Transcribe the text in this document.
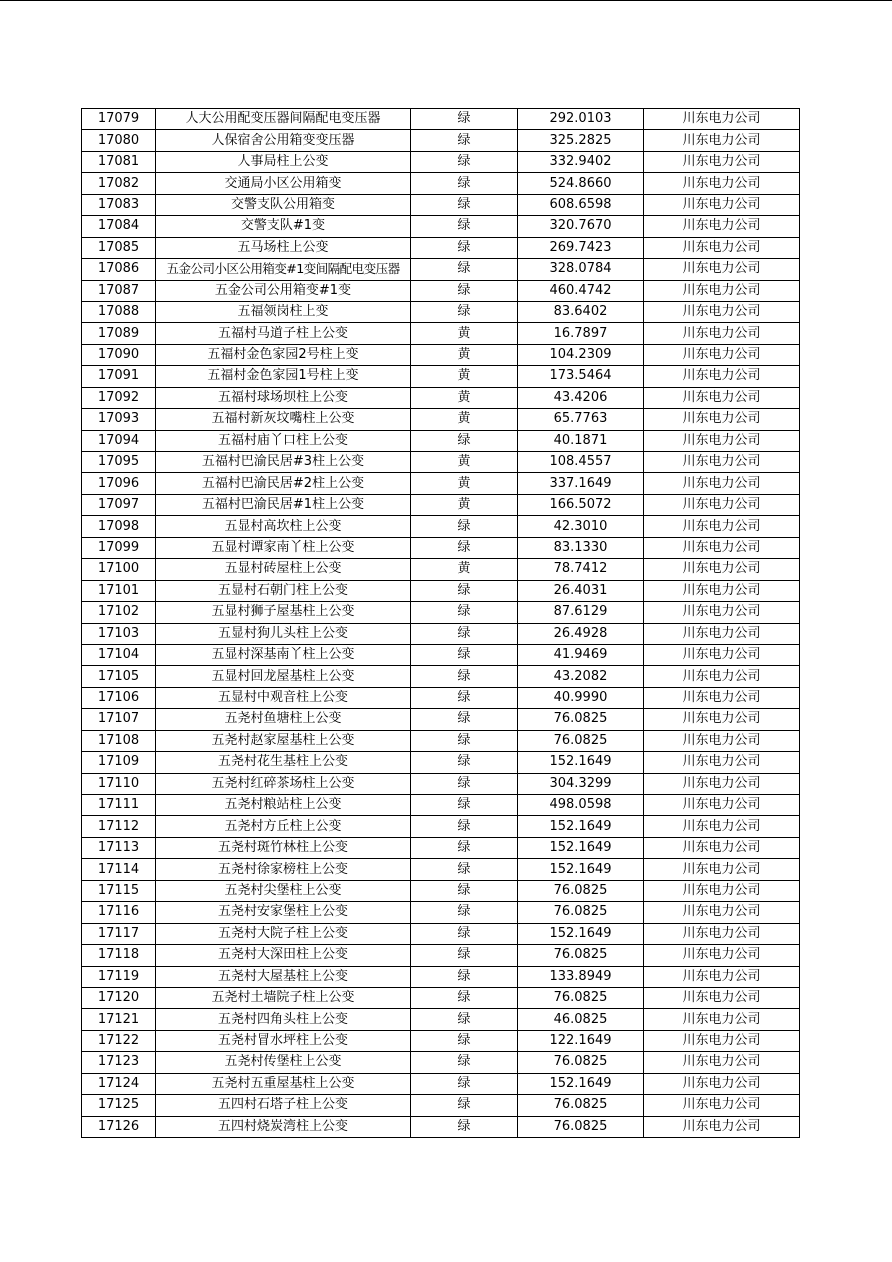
17079	人大公用配变压器间隔配电变压器	绿	292.0103	川东电力公司
17080	人保宿舍公用箱变变压器	绿	325.2825	川东电力公司
17081	人事局柱上公变	绿	332.9402	川东电力公司
17082	交通局小区公用箱变	绿	524.8660	川东电力公司
17083	交警支队公用箱变	绿	608.6598	川东电力公司
17084	交警支队#1变	绿	320.7670	川东电力公司
17085	五马场柱上公变	绿	269.7423	川东电力公司
17086	五金公司小区公用箱变#1变间隔配电变压器	绿	328.0784	川东电力公司
17087	五金公司公用箱变#1变	绿	460.4742	川东电力公司
17088	五福领岗柱上变	绿	83.6402	川东电力公司
17089	五福村马道子柱上公变	黄	16.7897	川东电力公司
17090	五福村金色家园2号柱上变	黄	104.2309	川东电力公司
17091	五福村金色家园1号柱上变	黄	173.5464	川东电力公司
17092	五福村球场坝柱上公变	黄	43.4206	川东电力公司
17093	五福村新灰坟嘴柱上公变	黄	65.7763	川东电力公司
17094	五福村庙丫口柱上公变	绿	40.1871	川东电力公司
17095	五福村巴渝民居#3柱上公变	黄	108.4557	川东电力公司
17096	五福村巴渝民居#2柱上公变	黄	337.1649	川东电力公司
17097	五福村巴渝民居#1柱上公变	黄	166.5072	川东电力公司
17098	五显村高坎柱上公变	绿	42.3010	川东电力公司
17099	五显村谭家南丫柱上公变	绿	83.1330	川东电力公司
17100	五显村砖屋柱上公变	黄	78.7412	川东电力公司
17101	五显村石朝门柱上公变	绿	26.4031	川东电力公司
17102	五显村狮子屋基柱上公变	绿	87.6129	川东电力公司
17103	五显村狗儿头柱上公变	绿	26.4928	川东电力公司
17104	五显村深基南丫柱上公变	绿	41.9469	川东电力公司
17105	五显村回龙屋基柱上公变	绿	43.2082	川东电力公司
17106	五显村中观音柱上公变	绿	40.9990	川东电力公司
17107	五尧村鱼塘柱上公变	绿	76.0825	川东电力公司
17108	五尧村赵家屋基柱上公变	绿	76.0825	川东电力公司
17109	五尧村花生基柱上公变	绿	152.1649	川东电力公司
17110	五尧村红碎茶场柱上公变	绿	304.3299	川东电力公司
17111	五尧村粮站柱上公变	绿	498.0598	川东电力公司
17112	五尧村方丘柱上公变	绿	152.1649	川东电力公司
17113	五尧村斑竹林柱上公变	绿	152.1649	川东电力公司
17114	五尧村徐家榜柱上公变	绿	152.1649	川东电力公司
17115	五尧村尖堡柱上公变	绿	76.0825	川东电力公司
17116	五尧村安家堡柱上公变	绿	76.0825	川东电力公司
17117	五尧村大院子柱上公变	绿	152.1649	川东电力公司
17118	五尧村大深田柱上公变	绿	76.0825	川东电力公司
17119	五尧村大屋基柱上公变	绿	133.8949	川东电力公司
17120	五尧村土墙院子柱上公变	绿	76.0825	川东电力公司
17121	五尧村四角头柱上公变	绿	46.0825	川东电力公司
17122	五尧村冒水坪柱上公变	绿	122.1649	川东电力公司
17123	五尧村传堡柱上公变	绿	76.0825	川东电力公司
17124	五尧村五重屋基柱上公变	绿	152.1649	川东电力公司
17125	五四村石塔子柱上公变	绿	76.0825	川东电力公司
17126	五四村烧炭湾柱上公变	绿	76.0825	川东电力公司
